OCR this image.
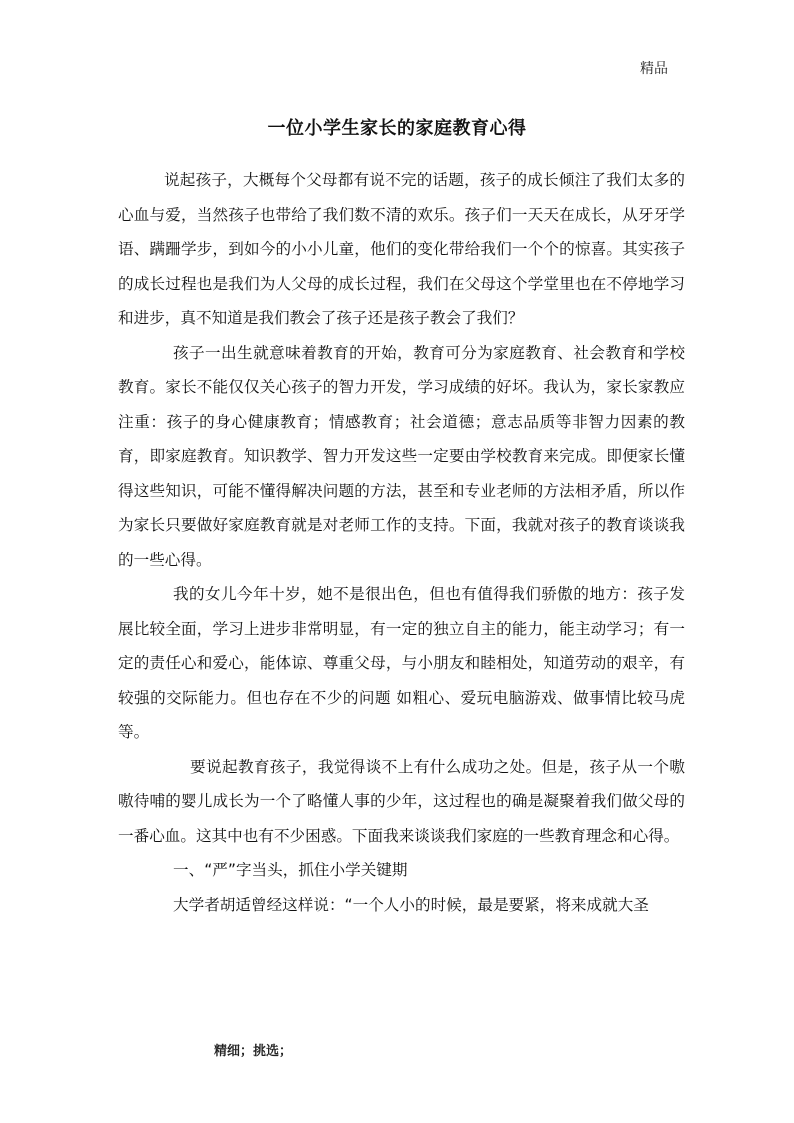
精品
一位小学生家长的家庭教育心得

说起孩子，大概每个父母都有说不完的话题，孩子的成长倾注了我们太多的心血与爱，当然孩子也带给了我们数不清的欢乐。孩子们一天天在成长，从牙牙学语、蹒跚学步，到如今的小小儿童，他们的变化带给我们一个个的惊喜。其实孩子的成长过程也是我们为人父母的成长过程，我们在父母这个学堂里也在不停地学习和进步，真不知道是我们教会了孩子还是孩子教会了我们？

孩子一出生就意味着教育的开始，教育可分为家庭教育、社会教育和学校教育。家长不能仅仅关心孩子的智力开发，学习成绩的好坏。我认为，家长家教应注重：孩子的身心健康教育；情感教育；社会道德；意志品质等非智力因素的教育，即家庭教育。知识教学、智力开发这些一定要由学校教育来完成。即便家长懂得这些知识，可能不懂得解决问题的方法，甚至和专业老师的方法相矛盾，所以作为家长只要做好家庭教育就是对老师工作的支持。下面，我就对孩子的教育谈谈我的一些心得。

我的女儿今年十岁，她不是很出色，但也有值得我们骄傲的地方：孩子发展比较全面，学习上进步非常明显，有一定的独立自主的能力，能主动学习；有一定的责任心和爱心，能体谅、尊重父母，与小朋友和睦相处，知道劳动的艰辛，有较强的交际能力。但也存在不少的问题 如粗心、爱玩电脑游戏、做事情比较马虎等。

要说起教育孩子，我觉得谈不上有什么成功之处。但是，孩子从一个嗷嗷待哺的婴儿成长为一个了略懂人事的少年，这过程也的确是凝聚着我们做父母的一番心血。这其中也有不少困惑。下面我来谈谈我们家庭的一些教育理念和心得。

一、“严”字当头，抓住小学关键期

大学者胡适曾经这样说：“一个人小的时候，最是要紧，将来成就大圣

精细；挑选；
